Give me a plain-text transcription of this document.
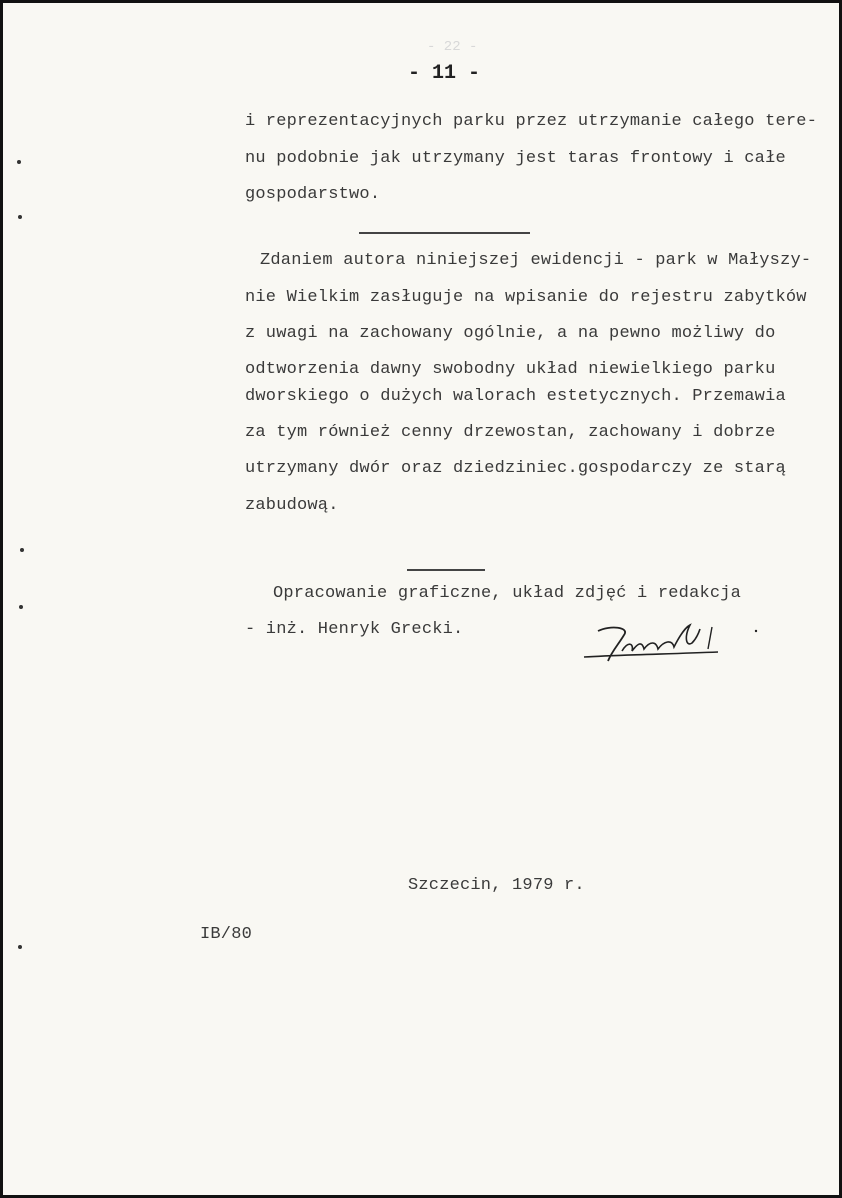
- 22 -
- 11 -
i reprezentacyjnych parku przez utrzymanie całego tere-
nu podobnie jak utrzymany jest taras frontowy i całe
gospodarstwo.
Zdaniem autora niniejszej ewidencji - park w Małyszy-
nie Wielkim zasługuje na wpisanie do rejestru zabytków
z uwagi na zachowany ogólnie, a na pewno możliwy do
odtworzenia dawny swobodny układ niewielkiego parku
dworskiego o dużych walorach estetycznych. Przemawia
za tym również cenny drzewostan, zachowany i dobrze
utrzymany dwór oraz dziedziniec.gospodarczy ze starą
zabudową.
Opracowanie graficzne, układ zdjęć i redakcja
- inż. Henryk Grecki.
Szczecin, 1979 r.
IB/80
